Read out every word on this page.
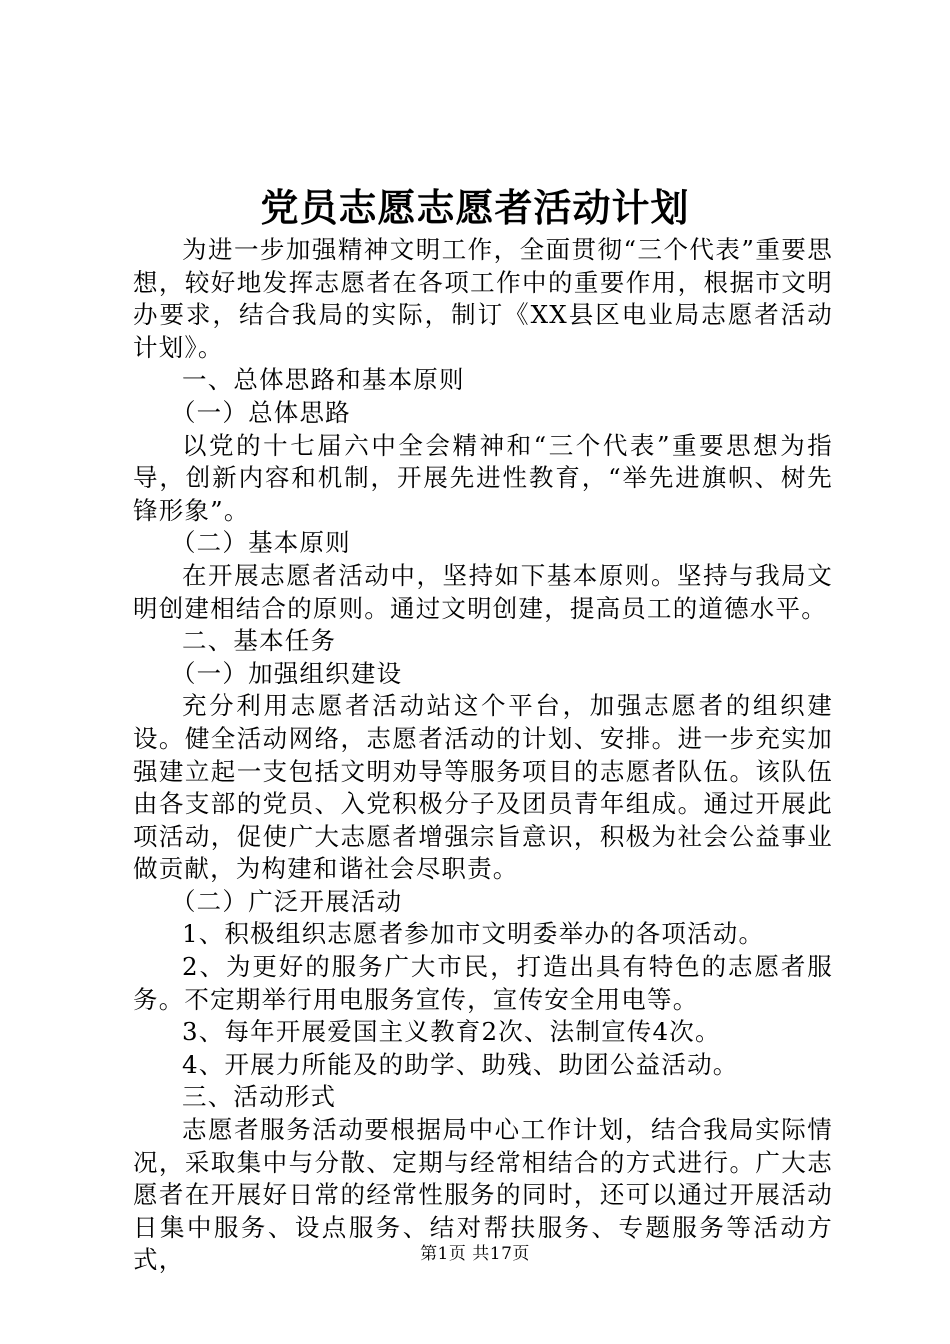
党员志愿志愿者活动计划

为进一步加强精神文明工作，全面贯彻“三个代表”重要思想，较好地发挥志愿者在各项工作中的重要作用，根据市文明办要求，结合我局的实际，制订《XX县区电业局志愿者活动计划》。

一、总体思路和基本原则

（一）总体思路

以党的十七届六中全会精神和“三个代表”重要思想为指导，创新内容和机制，开展先进性教育，“举先进旗帜、树先锋形象”。

（二）基本原则

在开展志愿者活动中，坚持如下基本原则。坚持与我局文明创建相结合的原则。通过文明创建，提高员工的道德水平。

二、基本任务

（一）加强组织建设

充分利用志愿者活动站这个平台，加强志愿者的组织建设。健全活动网络，志愿者活动的计划、安排。进一步充实加强建立起一支包括文明劝导等服务项目的志愿者队伍。该队伍由各支部的党员、入党积极分子及团员青年组成。通过开展此项活动，促使广大志愿者增强宗旨意识，积极为社会公益事业做贡献，为构建和谐社会尽职责。

（二）广泛开展活动

1、积极组织志愿者参加市文明委举办的各项活动。

2、为更好的服务广大市民，打造出具有特色的志愿者服务。不定期举行用电服务宣传，宣传安全用电等。

3、每年开展爱国主义教育2次、法制宣传4次。

4、开展力所能及的助学、助残、助团公益活动。

三、活动形式

志愿者服务活动要根据局中心工作计划，结合我局实际情况，采取集中与分散、定期与经常相结合的方式进行。广大志愿者在开展好日常的经常性服务的同时，还可以通过开展活动日集中服务、设点服务、结对帮扶服务、专题服务等活动方式，	第1页 共17页
